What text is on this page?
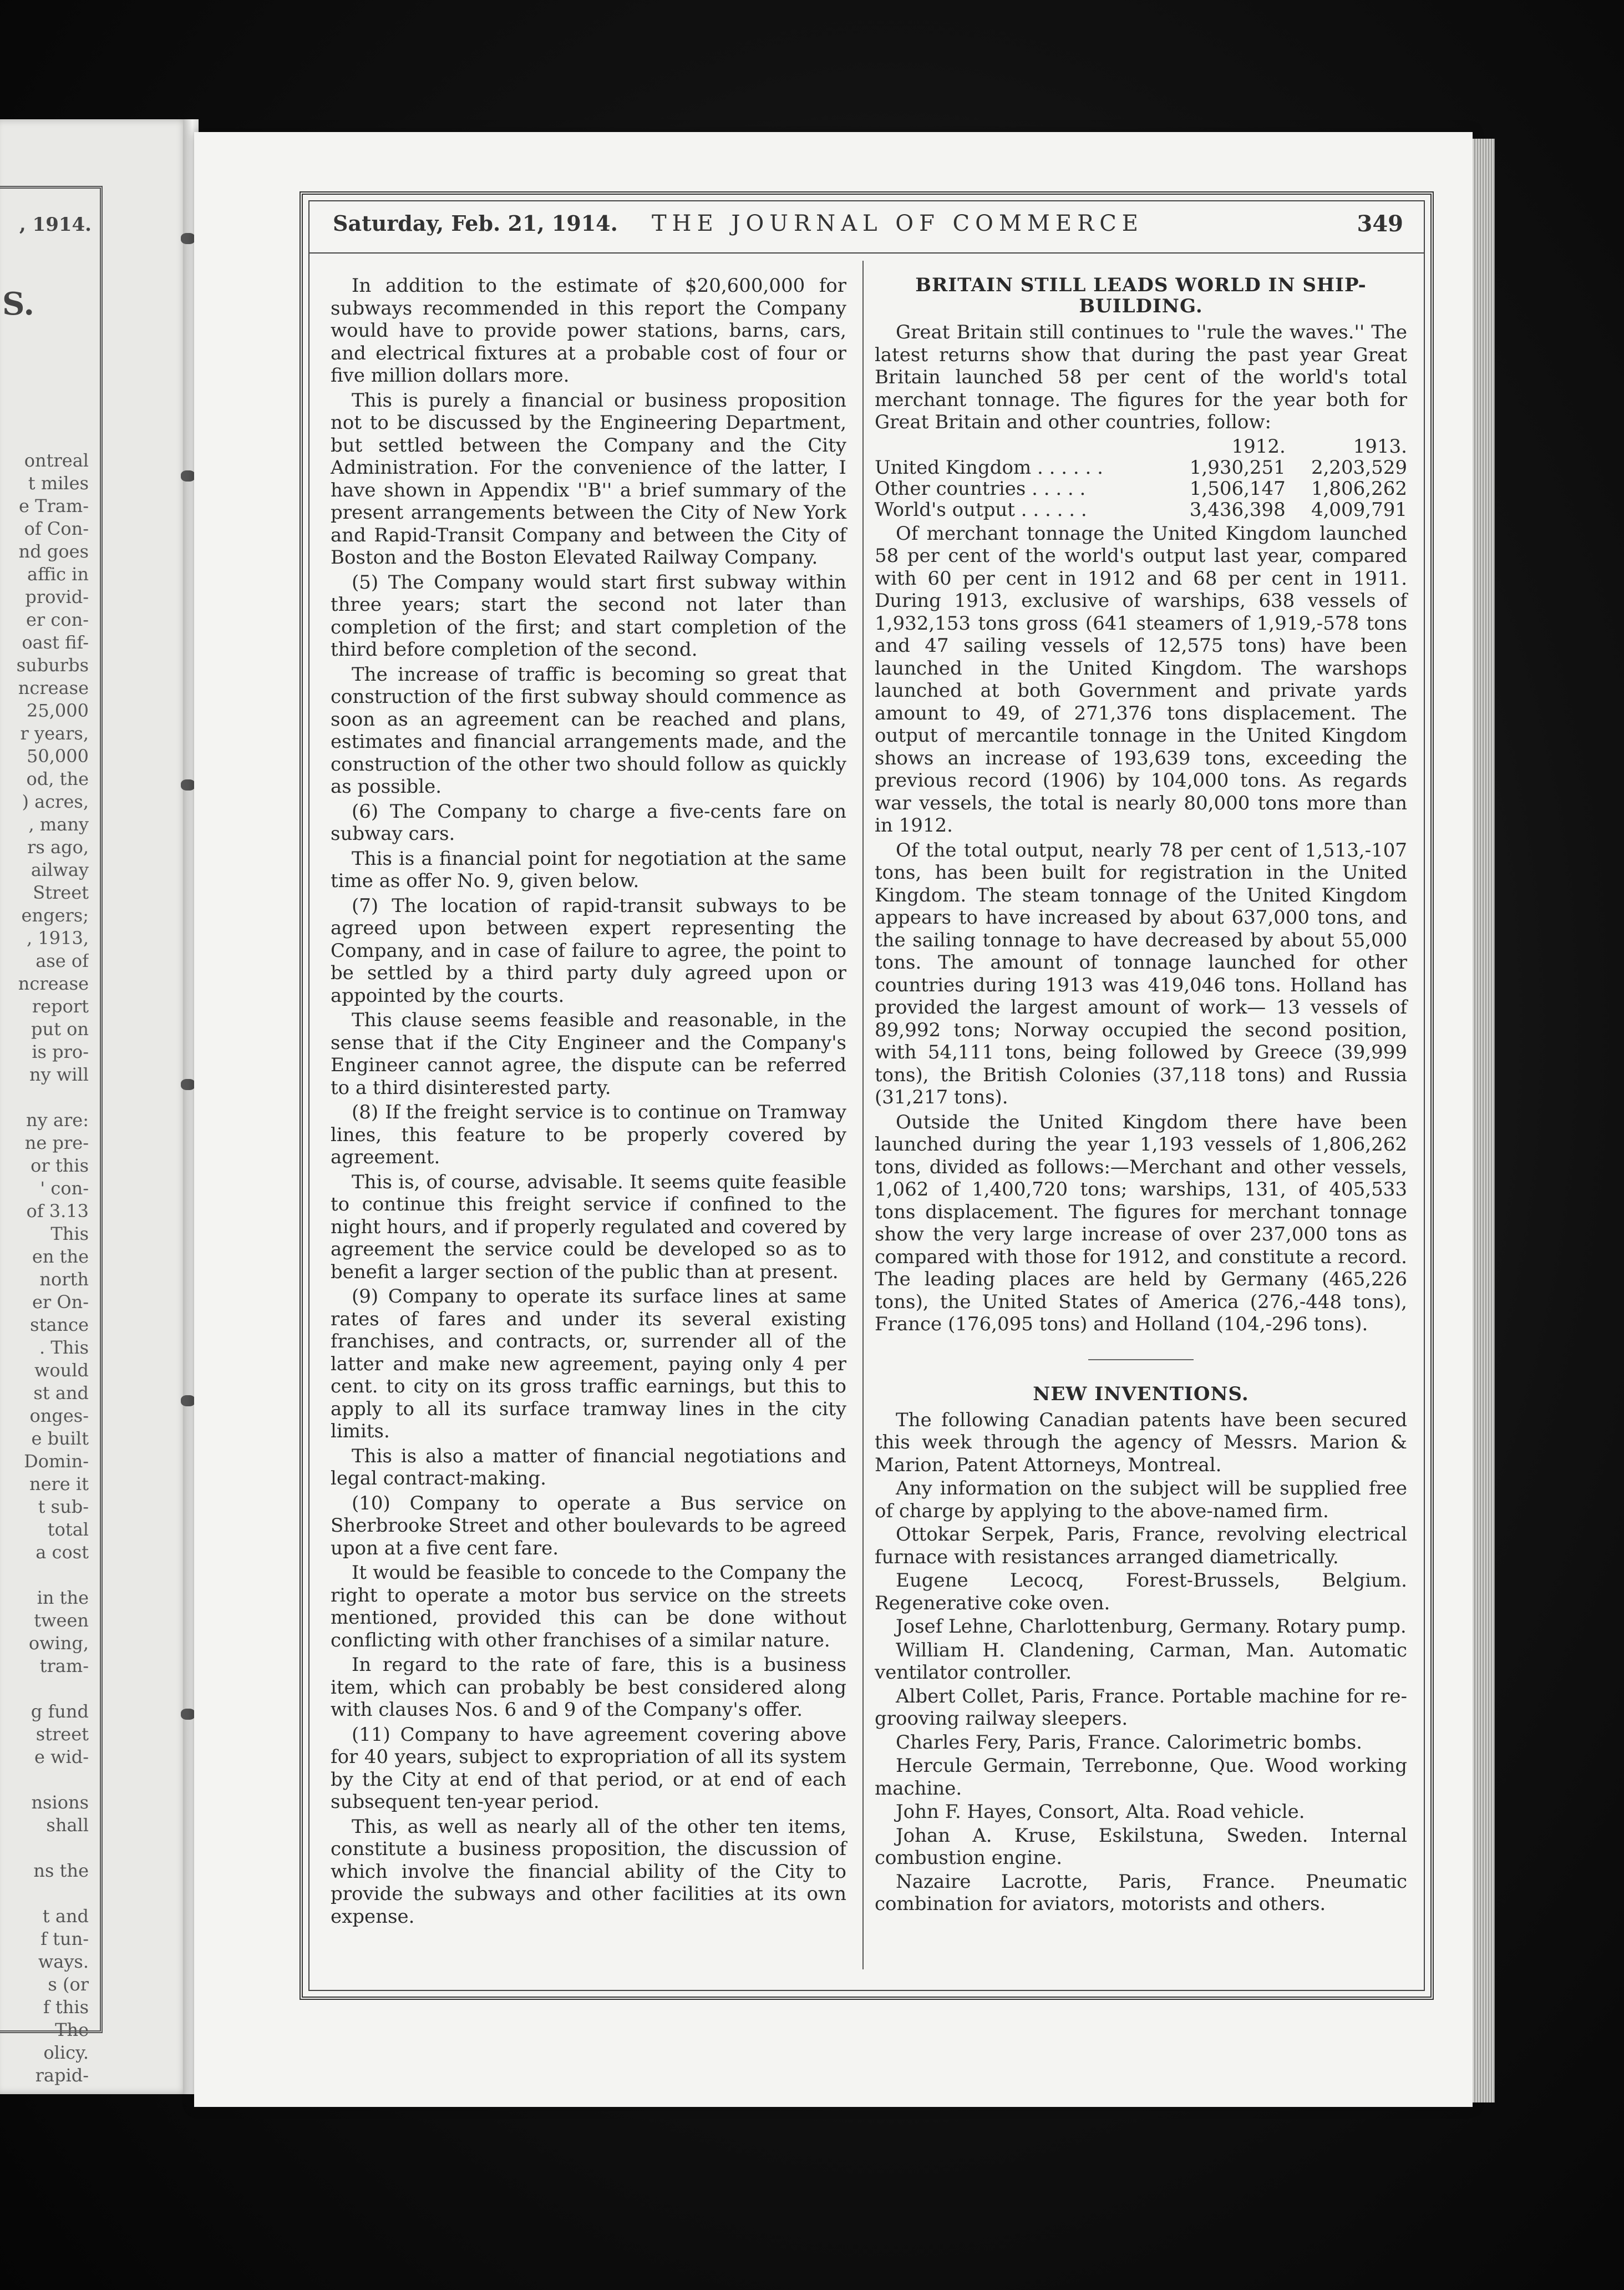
, 1914.
S.
ontreal
t miles
e Tram-
of Con-
nd goes
affic in
provid-
er con-
oast fif-
suburbs
ncrease
25,000
r years,
50,000
od, the
) acres,
, many
rs ago,
ailway
Street
engers;
, 1913,
ase of
ncrease
report
put on
is pro-
ny will

ny are:
ne pre-
or this
' con-
of 3.13
This
en the
north
er On-
stance
. This
would
st and
onges-
e built
Domin-
nere it
t sub-
total
a cost

in the
tween
owing,
tram-

g fund
street
e wid-

nsions
shall

ns the

t and
f tun-
ways.
s (or
f this
The
olicy.
rapid-
Saturday, Feb. 21, 1914. THE JOURNAL OF COMMERCE	349

In addition to the estimate of $20,600,000 for subways recommended in this report the Company would have to provide power stations, barns, cars, and electrical fixtures at a probable cost of four or five million dollars more.

This is purely a financial or business proposition not to be discussed by the Engineering Department, but settled between the Company and the City Administration. For the convenience of the latter, I have shown in Appendix ''B'' a brief summary of the present arrangements between the City of New York and Rapid-Transit Company and between the City of Boston and the Boston Elevated Railway Company.

(5) The Company would start first subway within three years; start the second not later than completion of the first; and start completion of the third before completion of the second.

The increase of traffic is becoming so great that construction of the first subway should commence as soon as an agreement can be reached and plans, estimates and financial arrangements made, and the construction of the other two should follow as quickly as possible.

(6) The Company to charge a five-cents fare on subway cars.

This is a financial point for negotiation at the same time as offer No. 9, given below.

(7) The location of rapid-transit subways to be agreed upon between expert representing the Company, and in case of failure to agree, the point to be settled by a third party duly agreed upon or appointed by the courts.

This clause seems feasible and reasonable, in the sense that if the City Engineer and the Company's Engineer cannot agree, the dispute can be referred to a third disinterested party.

(8) If the freight service is to continue on Tramway lines, this feature to be properly covered by agreement.

This is, of course, advisable. It seems quite feasible to continue this freight service if confined to the night hours, and if properly regulated and covered by agreement the service could be developed so as to benefit a larger section of the public than at present.

(9) Company to operate its surface lines at same rates of fares and under its several existing franchises, and contracts, or, surrender all of the latter and make new agreement, paying only 4 per cent. to city on its gross traffic earnings, but this to apply to all its surface tramway lines in the city limits.

This is also a matter of financial negotiations and legal contract-making.

(10) Company to operate a Bus service on Sherbrooke Street and other boulevards to be agreed upon at a five cent fare.

It would be feasible to concede to the Company the right to operate a motor bus service on the streets mentioned, provided this can be done without conflicting with other franchises of a similar nature.

In regard to the rate of fare, this is a business item, which can probably be best considered along with clauses Nos. 6 and 9 of the Company's offer.

(11) Company to have agreement covering above for 40 years, subject to expropriation of all its system by the City at end of that period, or at end of each subsequent ten-year period.

This, as well as nearly all of the other ten items, constitute a business proposition, the discussion of which involve the financial ability of the City to provide the subways and other facilities at its own expense.

BRITAIN STILL LEADS WORLD IN SHIP-BUILDING.

Great Britain still continues to ''rule the waves.'' The latest returns show that during the past year Great Britain launched 58 per cent of the world's total merchant tonnage. The figures for the year both for Great Britain and other countries, follow:

	1912.	1913.
United Kingdom . . . . . .	1,930,251	2,203,529
Other countries . . . . .	1,506,147	1,806,262
World's output . . . . . .	3,436,398	4,009,791

Of merchant tonnage the United Kingdom launched 58 per cent of the world's output last year, compared with 60 per cent in 1912 and 68 per cent in 1911. During 1913, exclusive of warships, 638 vessels of 1,932,153 tons gross (641 steamers of 1,919,-578 tons and 47 sailing vessels of 12,575 tons) have been launched in the United Kingdom. The warshops launched at both Government and private yards amount to 49, of 271,376 tons displacement. The output of mercantile tonnage in the United Kingdom shows an increase of 193,639 tons, exceeding the previous record (1906) by 104,000 tons. As regards war vessels, the total is nearly 80,000 tons more than in 1912.

Of the total output, nearly 78 per cent of 1,513,-107 tons, has been built for registration in the United Kingdom. The steam tonnage of the United Kingdom appears to have increased by about 637,000 tons, and the sailing tonnage to have decreased by about 55,000 tons. The amount of tonnage launched for other countries during 1913 was 419,046 tons. Holland has provided the largest amount of work— 13 vessels of 89,992 tons; Norway occupied the second position, with 54,111 tons, being followed by Greece (39,999 tons), the British Colonies (37,118 tons) and Russia (31,217 tons).

Outside the United Kingdom there have been launched during the year 1,193 vessels of 1,806,262 tons, divided as follows:—Merchant and other vessels, 1,062 of 1,400,720 tons; warships, 131, of 405,533 tons displacement. The figures for merchant tonnage show the very large increase of over 237,000 tons as compared with those for 1912, and constitute a record. The leading places are held by Germany (465,226 tons), the United States of America (276,-448 tons), France (176,095 tons) and Holland (104,-296 tons).

NEW INVENTIONS.

The following Canadian patents have been secured this week through the agency of Messrs. Marion & Marion, Patent Attorneys, Montreal.

Any information on the subject will be supplied free of charge by applying to the above-named firm.

Ottokar Serpek, Paris, France, revolving electrical furnace with resistances arranged diametrically.

Eugene Lecocq, Forest-Brussels, Belgium. Regenerative coke oven.

Josef Lehne, Charlottenburg, Germany. Rotary pump.

William H. Clandening, Carman, Man. Automatic ventilator controller.

Albert Collet, Paris, France. Portable machine for re-grooving railway sleepers.

Charles Fery, Paris, France. Calorimetric bombs.

Hercule Germain, Terrebonne, Que. Wood working machine.

John F. Hayes, Consort, Alta. Road vehicle.

Johan A. Kruse, Eskilstuna, Sweden. Internal combustion engine.

Nazaire Lacrotte, Paris, France. Pneumatic combination for aviators, motorists and others.
